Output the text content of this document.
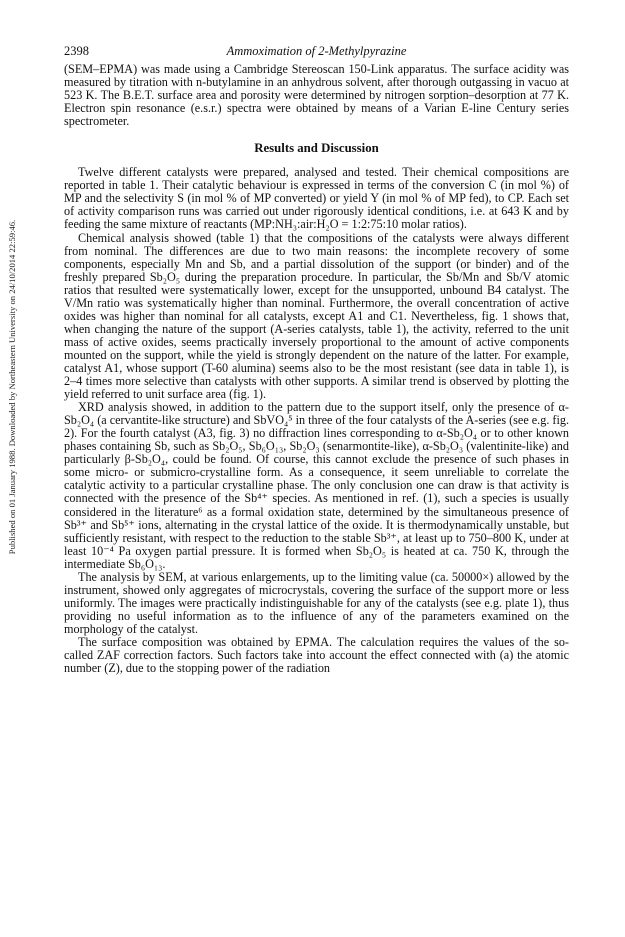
2398	Ammoximation of 2-Methylpyrazine
Published on 01 January 1988. Downloaded by Northeastern University on 24/10/2014 22:59:46.

(SEM–EPMA) was made using a Cambridge Stereoscan 150-Link apparatus. The surface acidity was measured by titration with n-butylamine in an anhydrous solvent, after thorough outgassing in vacuo at 523 K. The B.E.T. surface area and porosity were determined by nitrogen sorption–desorption at 77 K. Electron spin resonance (e.s.r.) spectra were obtained by means of a Varian E-line Century series spectrometer.

Results and Discussion

Twelve different catalysts were prepared, analysed and tested. Their chemical compositions are reported in table 1. Their catalytic behaviour is expressed in terms of the conversion C (in mol %) of MP and the selectivity S (in mol % of MP converted) or yield Y (in mol % of MP fed), to CP. Each set of activity comparison runs was carried out under rigorously identical conditions, i.e. at 643 K and by feeding the same mixture of reactants (MP:NH₃:air:H₂O = 1:2:75:10 molar ratios).

Chemical analysis showed (table 1) that the compositions of the catalysts were always different from nominal. The differences are due to two main reasons: the incomplete recovery of some components, especially Mn and Sb, and a partial dissolution of the support (or binder) and of the freshly prepared Sb₂O₅ during the preparation procedure. In particular, the Sb/Mn and Sb/V atomic ratios that resulted were systematically lower, except for the unsupported, unbound B4 catalyst. The V/Mn ratio was systematically higher than nominal. Furthermore, the overall concentration of active oxides was higher than nominal for all catalysts, except A1 and C1. Nevertheless, fig. 1 shows that, when changing the nature of the support (A-series catalysts, table 1), the activity, referred to the unit mass of active oxides, seems practically inversely proportional to the amount of active components mounted on the support, while the yield is strongly dependent on the nature of the latter. For example, catalyst A1, whose support (T-60 alumina) seems also to be the most resistant (see data in table 1), is 2–4 times more selective than catalysts with other supports. A similar trend is observed by plotting the yield referred to unit surface area (fig. 1).

XRD analysis showed, in addition to the pattern due to the support itself, only the presence of α-Sb₂O₄ (a cervantite-like structure) and SbVO₄⁵ in three of the four catalysts of the A-series (see e.g. fig. 2). For the fourth catalyst (A3, fig. 3) no diffraction lines corresponding to α-Sb₂O₄ or to other known phases containing Sb, such as Sb₂O₅, Sb₆O₁₃, Sb₂O₃ (senarmontite-like), α-Sb₂O₃ (valentinite-like) and particularly β-Sb₂O₄, could be found. Of course, this cannot exclude the presence of such phases in some micro- or submicro-crystalline form. As a consequence, it seem unreliable to correlate the catalytic activity to a particular crystalline phase. The only conclusion one can draw is that activity is connected with the presence of the Sb⁴⁺ species. As mentioned in ref. (1), such a species is usually considered in the literature⁶ as a formal oxidation state, determined by the simultaneous presence of Sb³⁺ and Sb⁵⁺ ions, alternating in the crystal lattice of the oxide. It is thermodynamically unstable, but sufficiently resistant, with respect to the reduction to the stable Sb³⁺, at least up to 750–800 K, under at least 10⁻⁴ Pa oxygen partial pressure. It is formed when Sb₂O₅ is heated at ca. 750 K, through the intermediate Sb₆O₁₃.

The analysis by SEM, at various enlargements, up to the limiting value (ca. 50000×) allowed by the instrument, showed only aggregates of microcrystals, covering the surface of the support more or less uniformly. The images were practically indistinguishable for any of the catalysts (see e.g. plate 1), thus providing no useful information as to the influence of any of the parameters examined on the morphology of the catalyst.

The surface composition was obtained by EPMA. The calculation requires the values of the so-called ZAF correction factors. Such factors take into account the effect connected with (a) the atomic number (Z), due to the stopping power of the radiation
